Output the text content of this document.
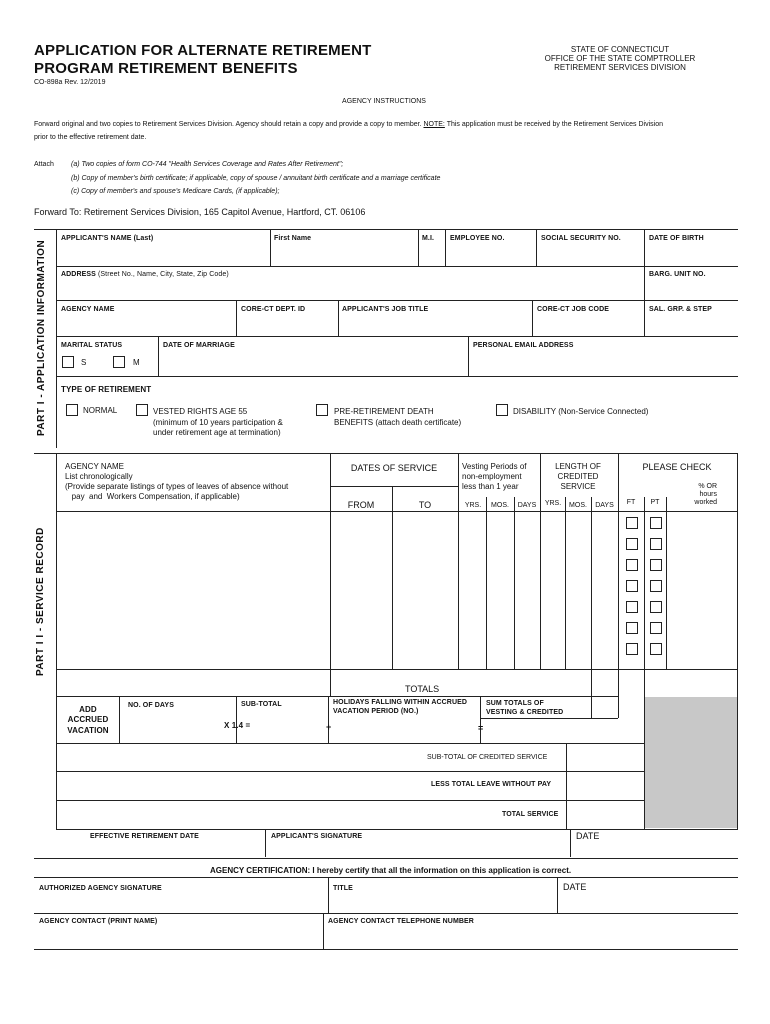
APPLICATION FOR ALTERNATE RETIREMENT
PROGRAM RETIREMENT BENEFITS
CO-898a Rev. 12/2019
STATE OF CONNECTICUT
OFFICE OF THE STATE COMPTROLLER
RETIREMENT SERVICES DIVISION
AGENCY INSTRUCTIONS
Forward original and two copies to Retirement Services Division. Agency should retain a copy and provide a copy to member. NOTE: This application must be received by the Retirement Services Division
prior to the effective retirement date.
Attach (a) Two copies of form CO-744 "Health Services Coverage and Rates After Retirement";
(b) Copy of member's birth certificate; if applicable, copy of spouse / annuitant birth certificate and a marriage certificate
(c) Copy of member's and spouse's Medicare Cards, (if applicable);
Forward To: Retirement Services Division, 165 Capitol Avenue, Hartford, CT. 06106
PART I - APPLICATION INFORMATION
APPLICANT'S NAME (Last)	First Name	M.I. EMPLOYEE NO.	SOCIAL SECURITY NO.	DATE OF BIRTH
ADDRESS (Street No., Name, City, State, Zip Code)	BARG. UNIT NO.
AGENCY NAME	CORE-CT DEPT. ID	APPLICANT'S JOB TITLE	CORE-CT JOB CODE	SAL. GRP. & STEP
MARITAL STATUS	DATE OF MARRIAGE	PERSONAL EMAIL ADDRESS
S	M
TYPE OF RETIREMENT
NORMAL	VESTED RIGHTS AGE 55
(minimum of 10 years participation &
under retirement age at termination)
PRE-RETIREMENT DEATH
BENEFITS (attach death certificate)
DISABILITY (Non-Service Connected)
PART I I - SERVICE RECORD
AGENCY NAME
List chronologically
(Provide separate listings of types of leaves of absence without
pay  and  Workers Compensation, if applicable)
DATES OF SERVICE
FROM	TO
Vesting Periods of
non-employment
less than 1 year
LENGTH OF
CREDITED
SERVICE
PLEASE CHECK
% OR
hours
worked
YRS.	MOS.	DAYS	YRS.	MOS.	DAYS	FT	PT
TOTALS
ADD
ACCRUED
VACATION
NO. OF DAYS
X 1.4 =
SUB-TOTAL	HOLIDAYS FALLING WITHIN ACCRUED
VACATION PERIOD (NO.)
+
SUM TOTALS OF
VESTING & CREDITED
=
SUB-TOTAL OF CREDITED SERVICE
LESS TOTAL LEAVE WITHOUT PAY
TOTAL SERVICE
EFFECTIVE RETIREMENT DATE	APPLICANT'S SIGNATURE	DATE
AGENCY CERTIFICATION: I hereby certify that all the information on this application is correct.
AUTHORIZED AGENCY SIGNATURE	TITLE	DATE
AGENCY CONTACT (PRINT NAME)	AGENCY CONTACT TELEPHONE NUMBER
